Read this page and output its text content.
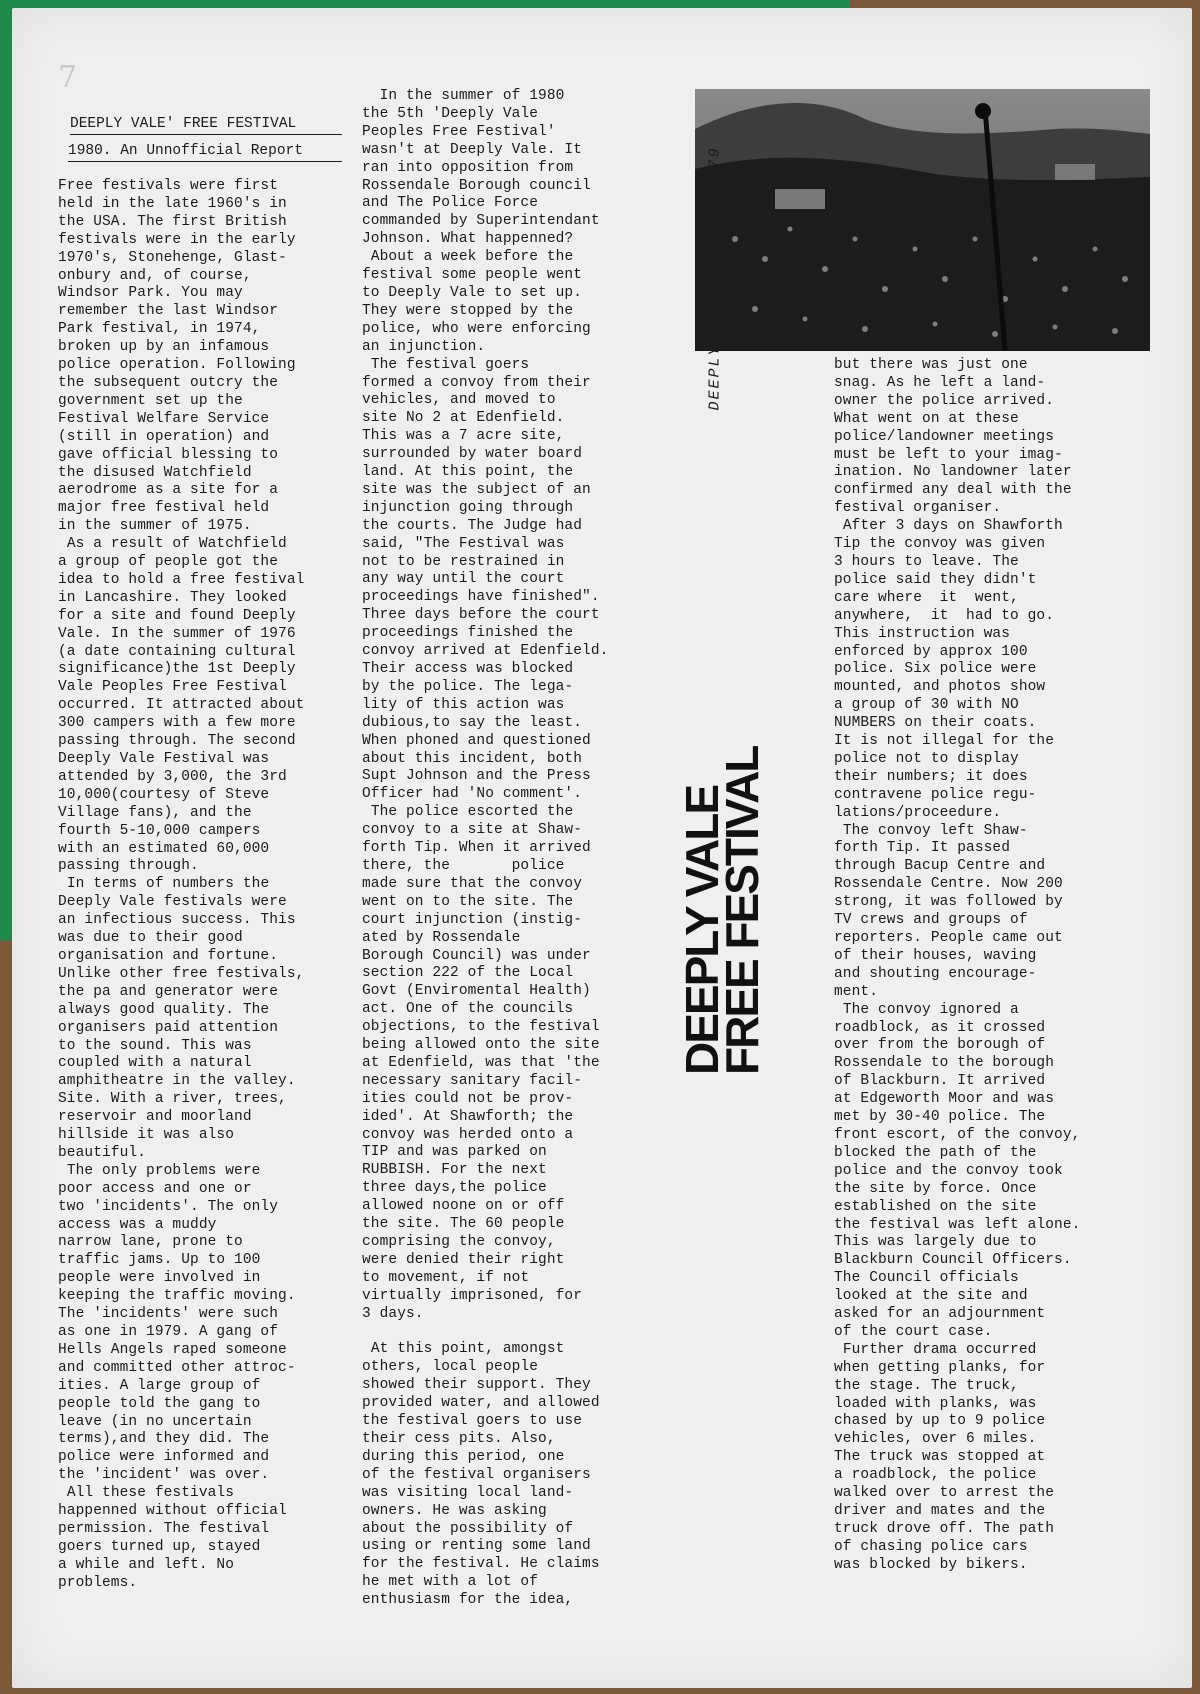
7
DEEPLY VALE' FREE FESTIVAL
1980. An Unnofficial Report
Free festivals were first
held in the late 1960's in
the USA. The first British
festivals were in the early
1970's, Stonehenge, Glast-
onbury and, of course,
Windsor Park. You may
remember the last Windsor
Park festival, in 1974,
broken up by an infamous
police operation. Following
the subsequent outcry the
government set up the
Festival Welfare Service
(still in operation) and
gave official blessing to
the disused Watchfield
aerodrome as a site for a
major free festival held
in the summer of 1975.
As a result of Watchfield
a group of people got the
idea to hold a free festival
in Lancashire. They looked
for a site and found Deeply
Vale. In the summer of 1976
(a date containing cultural
significance)the 1st Deeply
Vale Peoples Free Festival
occurred. It attracted about
300 campers with a few more
passing through. The second
Deeply Vale Festival was
attended by 3,000, the 3rd
10,000(courtesy of Steve
Village fans), and the
fourth 5-10,000 campers
with an estimated 60,000
passing through.
In terms of numbers the
Deeply Vale festivals were
an infectious success. This
was due to their good
organisation and fortune.
Unlike other free festivals,
the pa and generator were
always good quality. The
organisers paid attention
to the sound. This was
coupled with a natural
amphitheatre in the valley.
Site. With a river, trees,
reservoir and moorland
hillside it was also
beautiful.
The only problems were
poor access and one or
two 'incidents'. The only
access was a muddy
narrow lane, prone to
traffic jams. Up to 100
people were involved in
keeping the traffic moving.
The 'incidents' were such
as one in 1979. A gang of
Hells Angels raped someone
and committed other attroc-
ities. A large group of
people told the gang to
leave (in no uncertain
terms),and they did. The
police were informed and
the 'incident' was over.
All these festivals
happenned without official
permission. The festival
goers turned up, stayed
a while and left. No
problems.
In the summer of 1980
the 5th 'Deeply Vale
Peoples Free Festival'
wasn't at Deeply Vale. It
ran into opposition from
Rossendale Borough council
and The Police Force
commanded by Superintendant
Johnson. What happenned?
About a week before the
festival some people went
to Deeply Vale to set up.
They were stopped by the
police, who were enforcing
an injunction.
The festival goers
formed a convoy from their
vehicles, and moved to
site No 2 at Edenfield.
This was a 7 acre site,
surrounded by water board
land. At this point, the
site was the subject of an
injunction going through
the courts. The Judge had
said, "The Festival was
not to be restrained in
any way until the court
proceedings have finished".
Three days before the court
proceedings finished the
convoy arrived at Edenfield.
Their access was blocked
by the police. The lega-
lity of this action was
dubious,to say the least.
When phoned and questioned
about this incident, both
Supt Johnson and the Press
Officer had 'No comment'.
The police escorted the
convoy to a site at Shaw-
forth Tip. When it arrived
there, the       police
made sure that the convoy
went on to the site. The
court injunction (instig-
ated by Rossendale
Borough Council) was under
section 222 of the Local
Govt (Enviromental Health)
act. One of the councils
objections, to the festival
being allowed onto the site
at Edenfield, was that 'the
necessary sanitary facil-
ities could not be prov-
ided'. At Shawforth; the
convoy was herded onto a
TIP and was parked on
RUBBISH. For the next
three days,the police
allowed noone on or off
the site. The 60 people
comprising the convoy,
were denied their right
to movement, if not
virtually imprisoned, for
3 days.

At this point, amongst
others, local people
showed their support. They
provided water, and allowed
the festival goers to use
their cess pits. Also,
during this period, one
of the festival organisers
was visiting local land-
owners. He was asking
about the possibility of
using or renting some land
for the festival. He claims
he met with a lot of
enthusiasm for the idea,
but there was just one
snag. As he left a land-
owner the police arrived.
What went on at these
police/landowner meetings
must be left to your imag-
ination. No landowner later
confirmed any deal with the
festival organiser.
After 3 days on Shawforth
Tip the convoy was given
3 hours to leave. The
police said they didn't
care where  it  went,
anywhere,  it  had to go.
This instruction was
enforced by approx 100
police. Six police were
mounted, and photos show
a group of 30 with NO
NUMBERS on their coats.
It is not illegal for the
police not to display
their numbers; it does
contravene police regu-
lations/proceedure.
The convoy left Shaw-
forth Tip. It passed
through Bacup Centre and
Rossendale Centre. Now 200
strong, it was followed by
TV crews and groups of
reporters. People came out
of their houses, waving
and shouting encourage-
ment.
The convoy ignored a
roadblock, as it crossed
over from the borough of
Rossendale to the borough
of Blackburn. It arrived
at Edgeworth Moor and was
met by 30-40 police. The
front escort, of the convoy,
blocked the path of the
police and the convoy took
the site by force. Once
established on the site
the festival was left alone.
This was largely due to
Blackburn Council Officers.
The Council officials
looked at the site and
asked for an adjournment
of the court case.
Further drama occurred
when getting planks, for
the stage. The truck,
loaded with planks, was
chased by up to 9 police
vehicles, over 6 miles.
The truck was stopped at
a roadblock, the police
walked over to arrest the
driver and mates and the
truck drove off. The path
of chasing police cars
was blocked by bikers.
DEEPLY VALE FESTIVAL '79
DEEPLY VALE
FREE FESTIVAL
